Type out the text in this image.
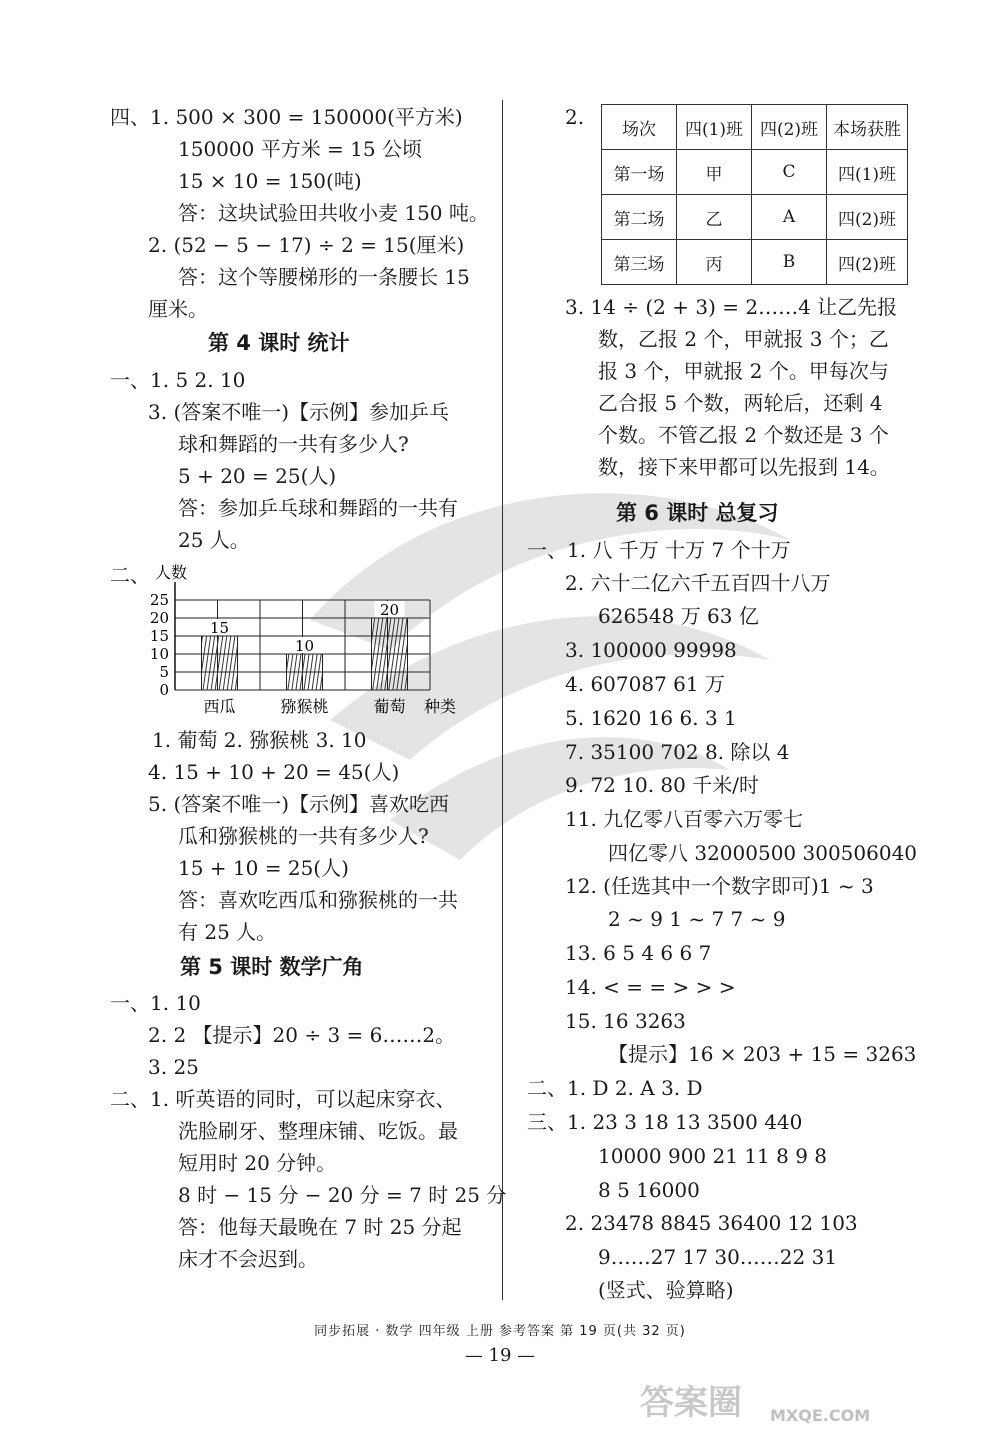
场次	四(1)班	四(2)班	本场获胜
第一场	甲	C	四(1)班
第二场	乙	A	四(2)班
第三场	丙	B	四(2)班
0
5
10
15
20
25
人数
15
西瓜
10
猕猴桃
20
葡萄 种类
同步拓展 · 数学 四年级 上册 参考答案 第 19 页(共 32 页)
— 19 —
答案圈 MXQE.COM
四、1. 500 × 300 = 150000(平方米)
150000 平方米 = 15 公顷
15 × 10 = 150(吨)
答：这块试验田共收小麦 150 吨。
2. (52 − 5 − 17) ÷ 2 = 15(厘米)
答：这个等腰梯形的一条腰长 15
厘米。
第 4 课时 统计
一、1. 5 2. 10
3. (答案不唯一)【示例】参加乒乓
球和舞蹈的一共有多少人?
5 + 20 = 25(人)
答：参加乒乓球和舞蹈的一共有
25 人。
二、
1. 葡萄 2. 猕猴桃 3. 10
4. 15 + 10 + 20 = 45(人)
5. (答案不唯一)【示例】喜欢吃西
瓜和猕猴桃的一共有多少人?
15 + 10 = 25(人)
答：喜欢吃西瓜和猕猴桃的一共
有 25 人。
第 5 课时 数学广角
一、1. 10
2. 2 【提示】20 ÷ 3 = 6……2。
3. 25
二、1. 听英语的同时，可以起床穿衣、
洗脸刷牙、整理床铺、吃饭。最
短用时 20 分钟。
8 时 − 15 分 − 20 分 = 7 时 25 分
答：他每天最晚在 7 时 25 分起
床才不会迟到。
2.
3. 14 ÷ (2 + 3) = 2……4 让乙先报
数，乙报 2 个，甲就报 3 个；乙
报 3 个，甲就报 2 个。甲每次与
乙合报 5 个数，两轮后，还剩 4
个数。不管乙报 2 个数还是 3 个
数，接下来甲都可以先报到 14。
第 6 课时 总复习
一、1. 八 千万 十万 7 个十万
2. 六十二亿六千五百四十八万
626548 万 63 亿
3. 100000 99998
4. 607087 61 万
5. 1620 16 6. 3 1
7. 35100 702 8. 除以 4
9. 72 10. 80 千米/时
11. 九亿零八百零六万零七
四亿零八 32000500 300506040
12. (任选其中一个数字即可)1 ~ 3
2 ~ 9 1 ~ 7 7 ~ 9
13. 6 5 4 6 6 7
14. < = = > > >
15. 16 3263
【提示】16 × 203 + 15 = 3263
二、1. D 2. A 3. D
三、1. 23 3 18 13 3500 440
10000 900 21 11 8 9 8
8 5 16000
2. 23478 8845 36400 12 103
9……27 17 30……22 31
(竖式、验算略)
